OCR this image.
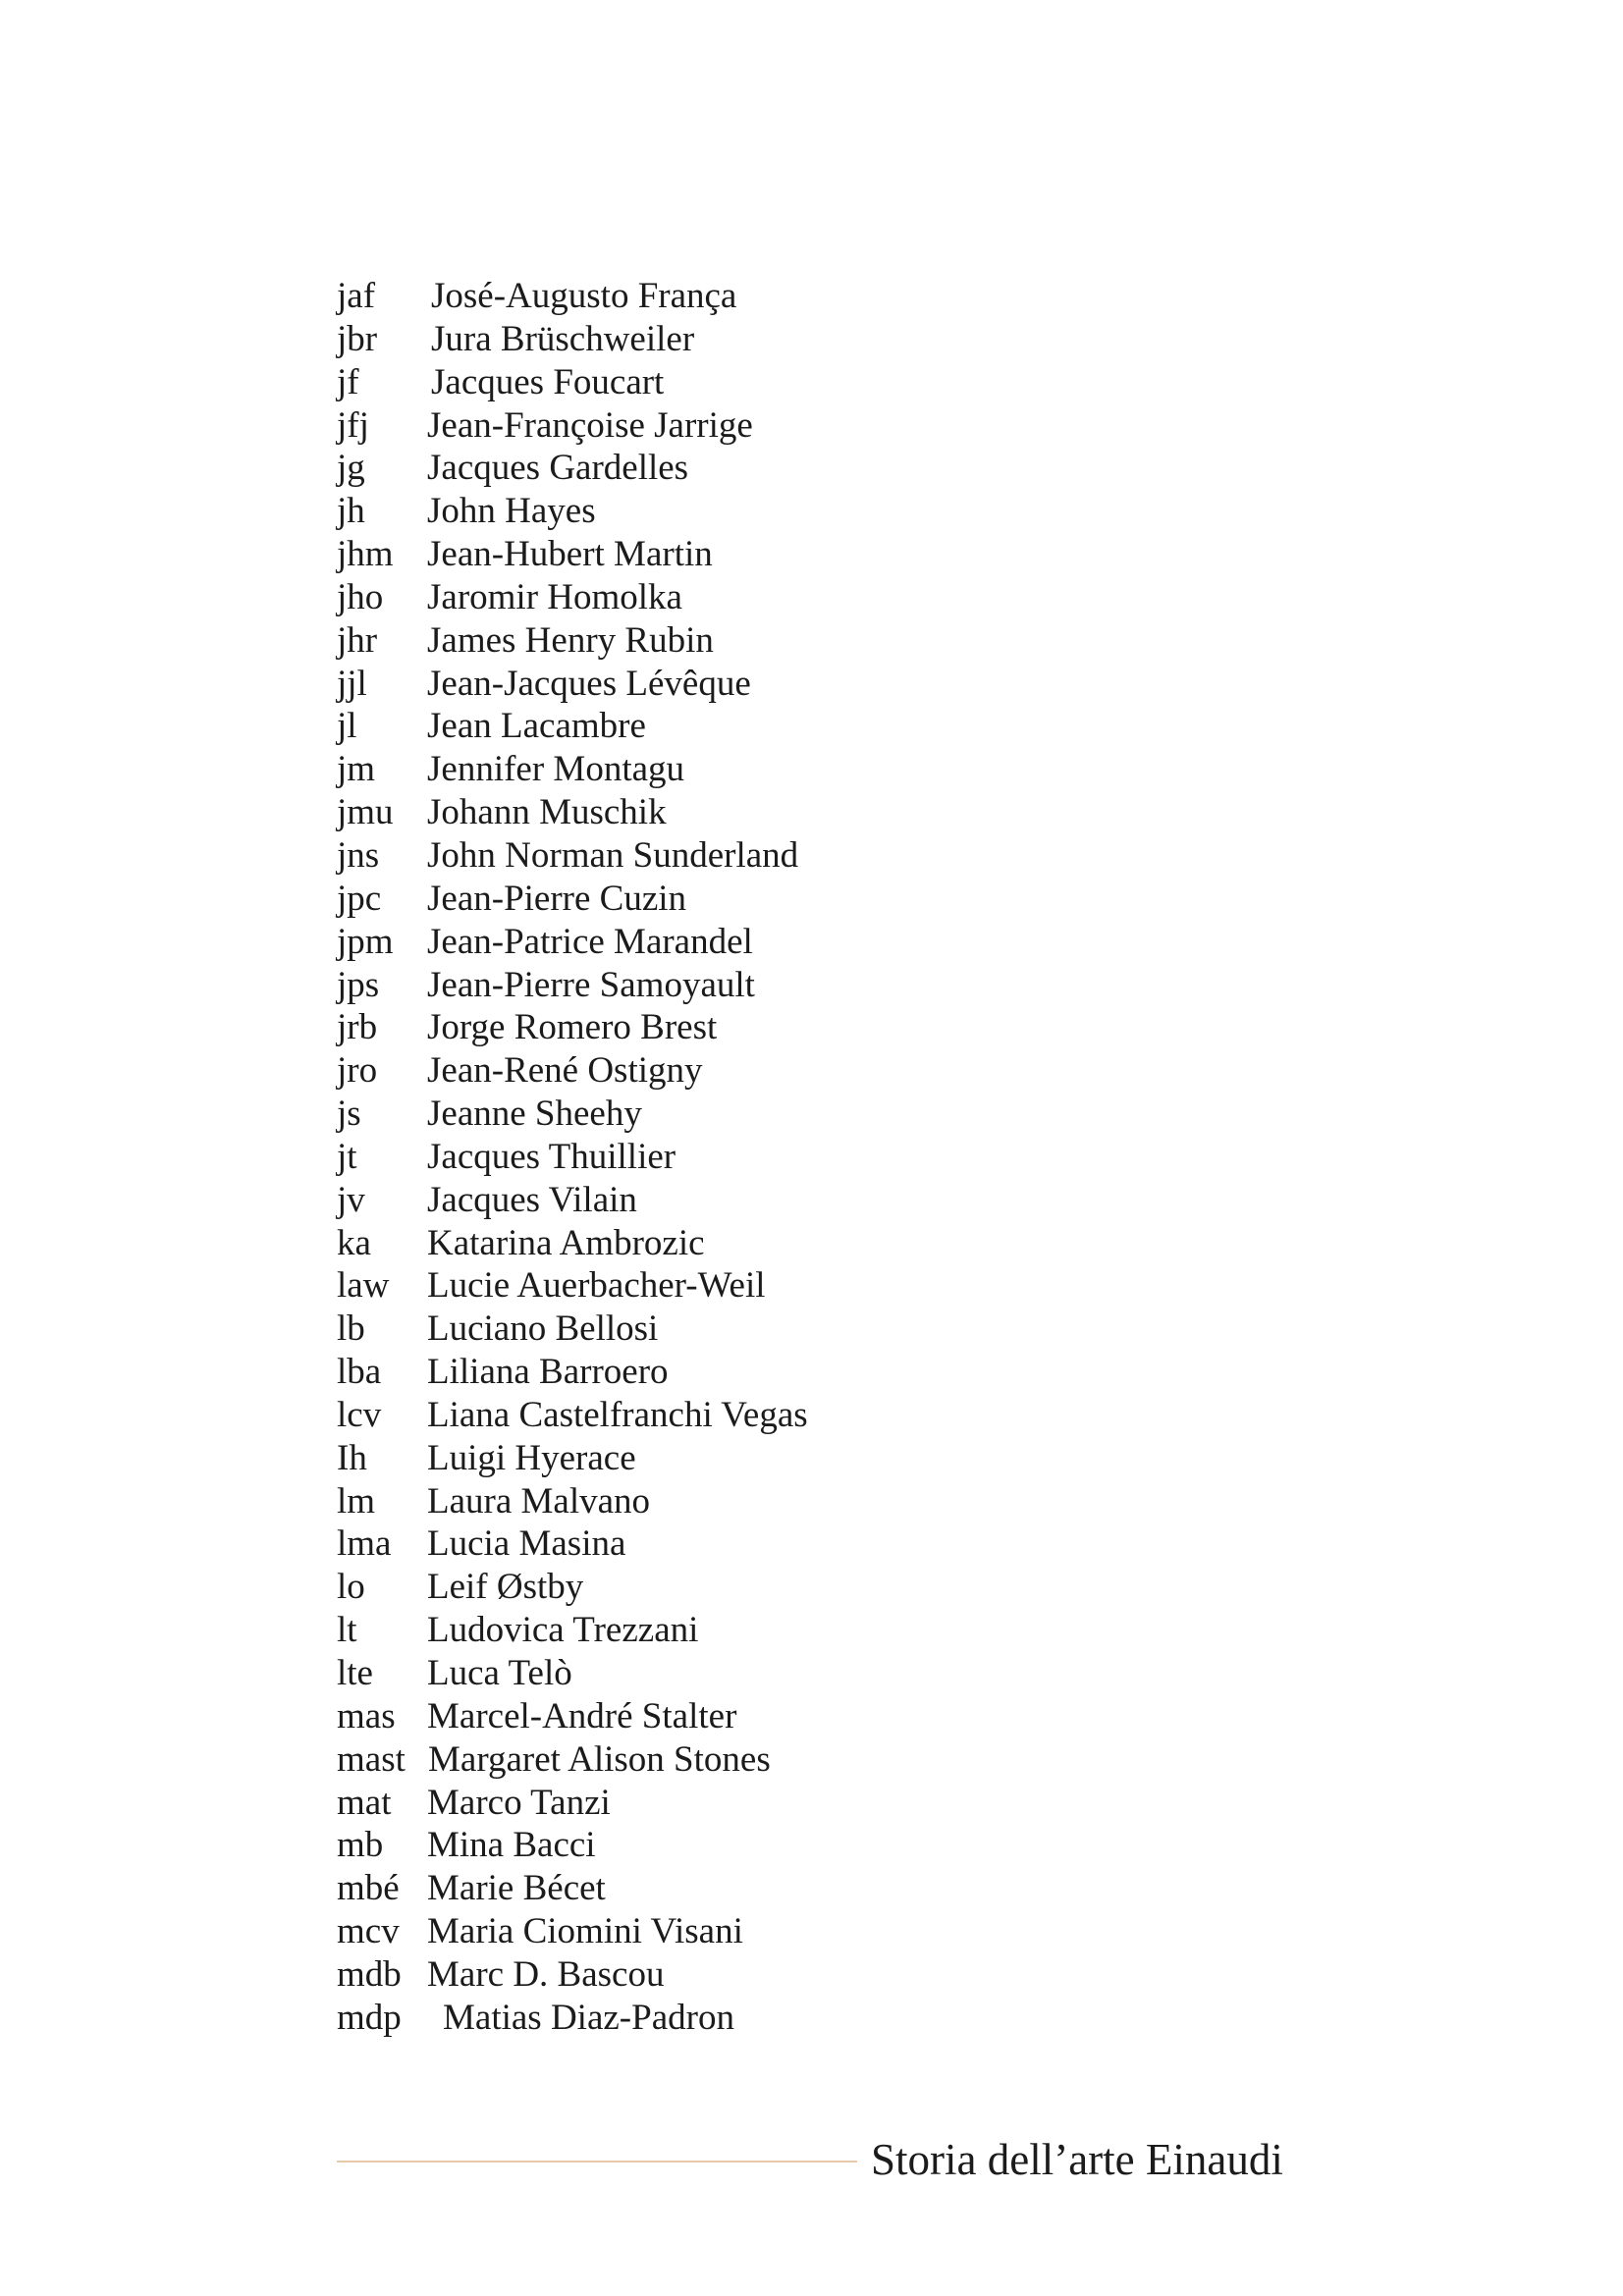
jaf José-Augusto França
jbr Jura Brüschweiler
jf Jacques Foucart
jfj Jean-Françoise Jarrige
jg Jacques Gardelles
jh John Hayes
jhm Jean-Hubert Martin
jho Jaromir Homolka
jhr James Henry Rubin
jjl Jean-Jacques Lévêque
jl Jean Lacambre
jm Jennifer Montagu
jmu Johann Muschik
jns John Norman Sunderland
jpc Jean-Pierre Cuzin
jpm Jean-Patrice Marandel
jps Jean-Pierre Samoyault
jrb Jorge Romero Brest
jro Jean-René Ostigny
js Jeanne Sheehy
jt Jacques Thuillier
jv Jacques Vilain
ka Katarina Ambrozic
law Lucie Auerbacher-Weil
lb Luciano Bellosi
lba Liliana Barroero
lcv Liana Castelfranchi Vegas
Ih Luigi Hyerace
lm Laura Malvano
lma Lucia Masina
lo Leif Østby
lt Ludovica Trezzani
lte Luca Telò
mas Marcel-André Stalter
mast Margaret Alison Stones
mat Marco Tanzi
mb Mina Bacci
mbé Marie Bécet
mcv Maria Ciomini Visani
mdb Marc D. Bascou
mdp Matias Diaz-Padron
Storia dell’arte Einaudi
